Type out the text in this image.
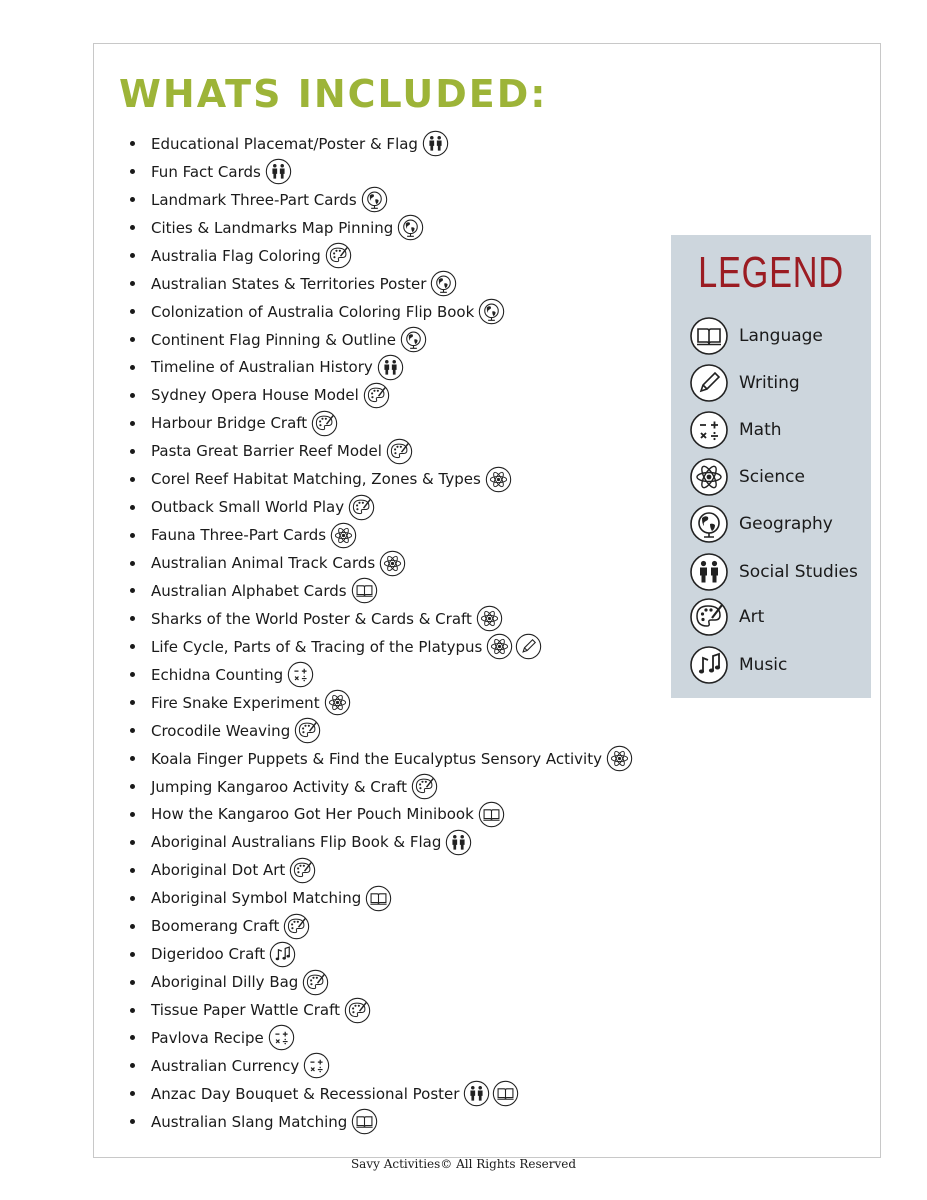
WHATS INCLUDED:
Educational Placemat/Poster & Flag
Fun Fact Cards
Landmark Three-Part Cards
Cities & Landmarks Map Pinning
Australia Flag Coloring
Australian States & Territories Poster
Colonization of Australia Coloring Flip Book
Continent Flag Pinning & Outline
Timeline of Australian History
Sydney Opera House Model
Harbour Bridge Craft
Pasta Great Barrier Reef Model
Corel Reef Habitat Matching, Zones & Types
Outback Small World Play
Fauna Three-Part Cards
Australian Animal Track Cards
Australian Alphabet Cards
Sharks of the World Poster & Cards & Craft
Life Cycle, Parts of & Tracing of the Platypus
Echidna Counting
Fire Snake Experiment
Crocodile Weaving
Koala Finger Puppets & Find the Eucalyptus Sensory Activity
Jumping Kangaroo Activity & Craft
How the Kangaroo Got Her Pouch Minibook
Aboriginal Australians Flip Book & Flag
Aboriginal Dot Art
Aboriginal Symbol Matching
Boomerang Craft
Digeridoo Craft
Aboriginal Dilly Bag
Tissue Paper Wattle Craft
Pavlova Recipe
Australian Currency
Anzac Day Bouquet & Recessional Poster
Australian Slang Matching
LEGEND
Language
Writing
Math
Science
Geography
Social Studies
Art
Music
Savy Activities© All Rights Reserved
